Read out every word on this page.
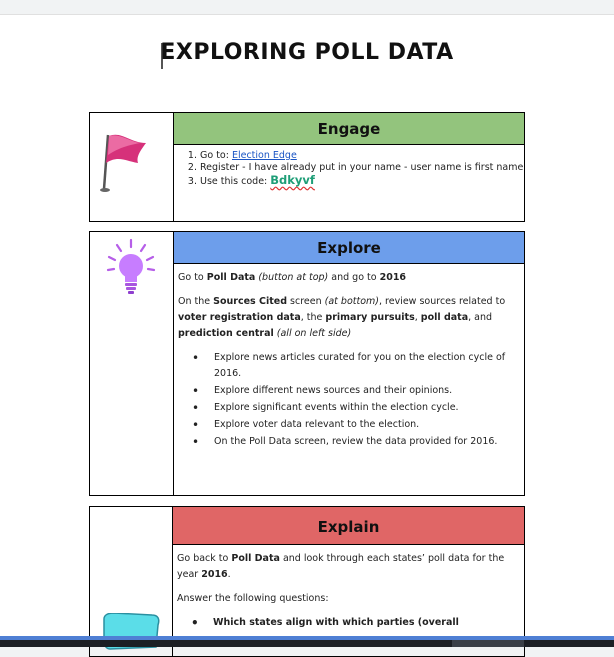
EXPLORING POLL DATA

Engage
1. Go to: Election Edge
2. Register - I have already put in your name - user name is first name
3. Use this code: Bdkyvf

Explore

Go to Poll Data (button at top) and go to 2016

On the Sources Cited screen (at bottom), review sources related to voter registration data, the primary pursuits, poll data, and prediction central (all on left side)

• Explore news articles curated for you on the election cycle of 2016.
• Explore different news sources and their opinions.
• Explore significant events within the election cycle.
• Explore voter data relevant to the election.
• On the Poll Data screen, review the data provided for 2016.

Explain

Go back to Poll Data and look through each states’ poll data for the year 2016.

Answer the following questions:

• Which states align with which parties (overall
